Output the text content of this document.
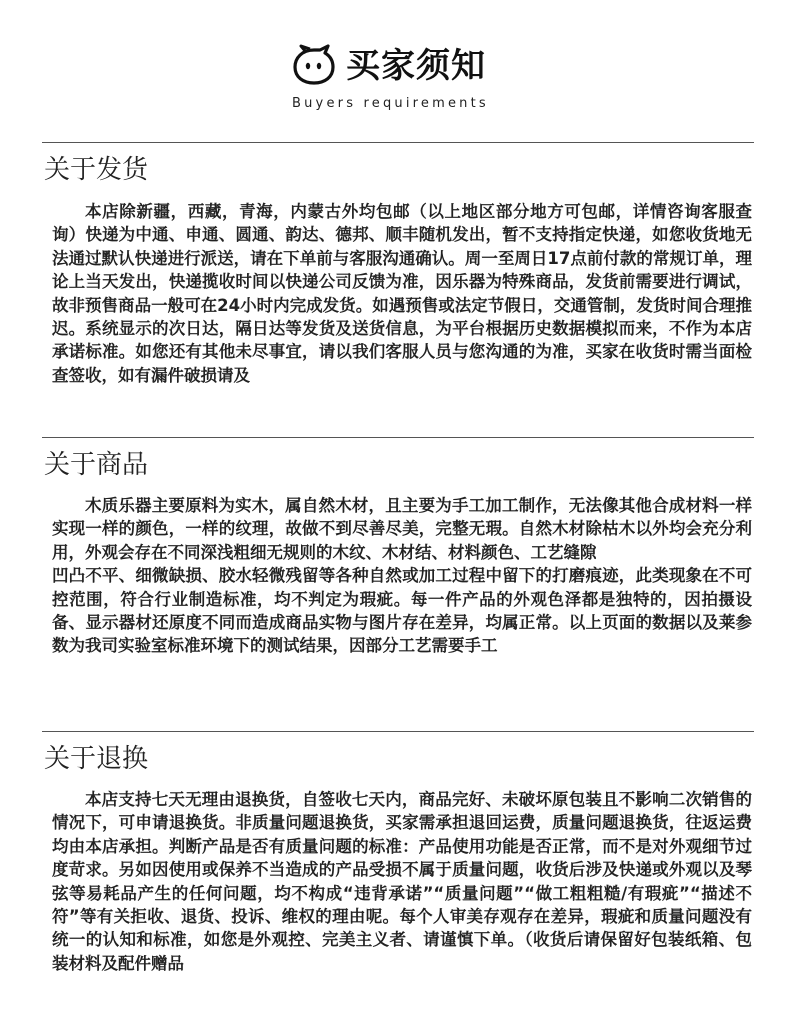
买家须知
Buyers requirements
关于发货

本店除新疆，西藏，青海，内蒙古外均包邮（以上地区部分地方可包邮，详情咨询客服查询）快递为中通、申通、圆通、韵达、德邦、顺丰随机发出，暂不支持指定快递，如您收货地无法通过默认快递进行派送，请在下单前与客服沟通确认。周一至周日17点前付款的常规订单，理论上当天发出，快递揽收时间以快递公司反馈为准，因乐器为特殊商品，发货前需要进行调试，故非预售商品一般可在24小时内完成发货。如遇预售或法定节假日，交通管制，发货时间合理推迟。系统显示的次日达，隔日达等发货及送货信息，为平台根据历史数据模拟而来，不作为本店承诺标准。如您还有其他未尽事宜，请以我们客服人员与您沟通的为准，买家在收货时需当面检查签收，如有漏件破损请及

关于商品

木质乐器主要原料为实木，属自然木材，且主要为手工加工制作，无法像其他合成材料一样实现一样的颜色，一样的纹理，故做不到尽善尽美，完整无瑕。自然木材除枯木以外均会充分利用，外观会存在不同深浅粗细无规则的木纹、木材结、材料颜色、工艺缝隙

凹凸不平、细微缺损、胶水轻微残留等各种自然或加工过程中留下的打磨痕迹，此类现象在不可控范围，符合行业制造标准，均不判定为瑕疵。每一件产品的外观色泽都是独特的，因拍摄设备、显示器材还原度不同而造成商品实物与图片存在差异，均属正常。以上页面的数据以及莱参数为我司实验室标准环境下的测试结果，因部分工艺需要手工

关于退换

本店支持七天无理由退换货，自签收七天内，商品完好、未破坏原包装且不影响二次销售的情况下，可申请退换货。非质量问题退换货，买家需承担退回运费，质量问题退换货，往返运费均由本店承担。判断产品是否有质量问题的标准：产品使用功能是否正常，而不是对外观细节过度苛求。另如因使用或保养不当造成的产品受损不属于质量问题，收货后涉及快递或外观以及琴弦等易耗品产生的任何问题，均不构成“违背承诺”“质量问题”“做工粗粗糙/有瑕疵”“描述不符”等有关拒收、退货、投诉、维权的理由呢。每个人审美存观存在差异，瑕疵和质量问题没有统一的认知和标准，如您是外观控、完美主义者、请谨慎下单。（收货后请保留好包装纸箱、包装材料及配件赠品
